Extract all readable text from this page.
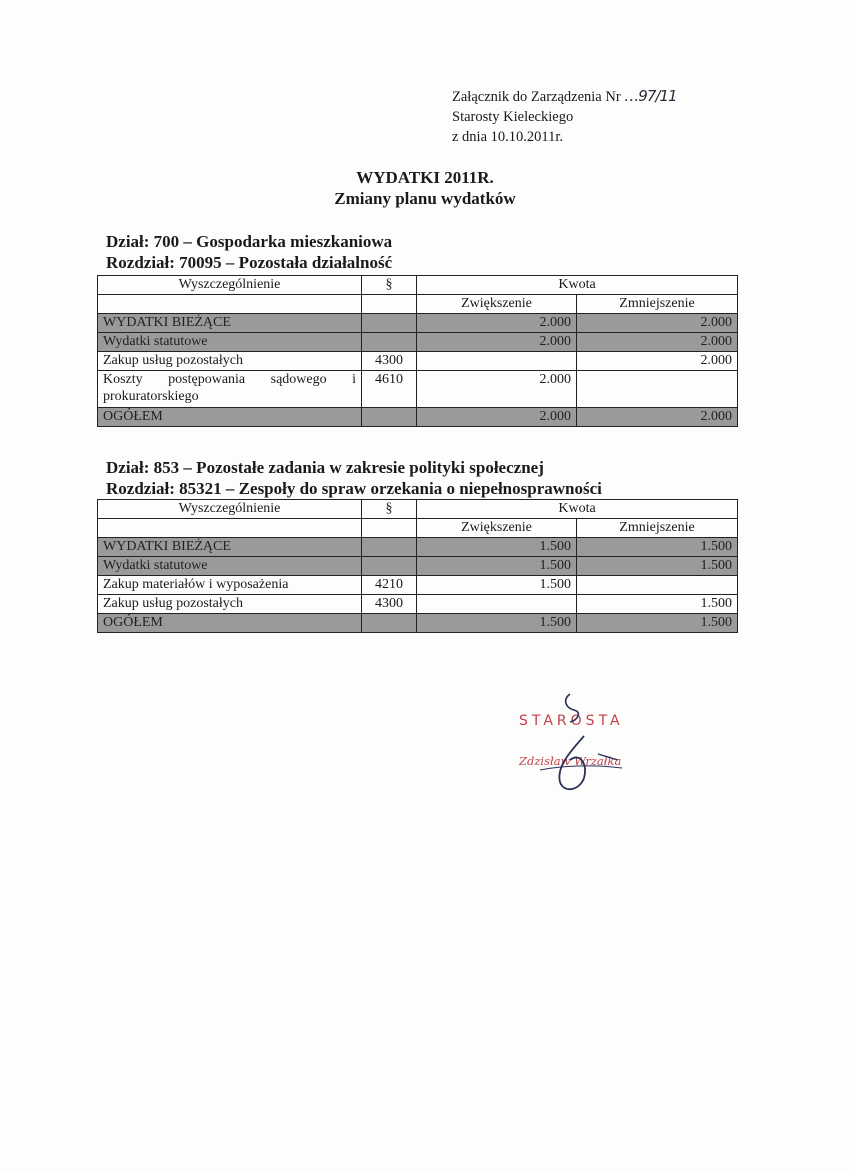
Załącznik do Zarządzenia Nr …97/11
Starosty Kieleckiego
z dnia 10.10.2011r.
WYDATKI 2011R.
Zmiany planu wydatków
Dział: 700 – Gospodarka mieszkaniowa
Rozdział: 70095 – Pozostała działalność
Wyszczególnienie	§	Kwota	
		Zwiększenie	Zmniejszenie
WYDATKI BIEŻĄCE		2.000	2.000
Wydatki statutowe		2.000	2.000
Zakup usług pozostałych	4300		2.000
Koszty postępowania sądowego i prokuratorskiego	4610	2.000	
OGÓŁEM		2.000	2.000
Dział: 853 – Pozostałe zadania w zakresie polityki społecznej
Rozdział: 85321 – Zespoły do spraw orzekania o niepełnosprawności
Wyszczególnienie	§	Kwota	
		Zwiększenie	Zmniejszenie
WYDATKI BIEŻĄCE		1.500	1.500
Wydatki statutowe		1.500	1.500
Zakup materiałów i wyposażenia	4210	1.500	
Zakup usług pozostałych	4300		1.500
OGÓŁEM		1.500	1.500
STAROSTA
Zdzisław Wrzałka
